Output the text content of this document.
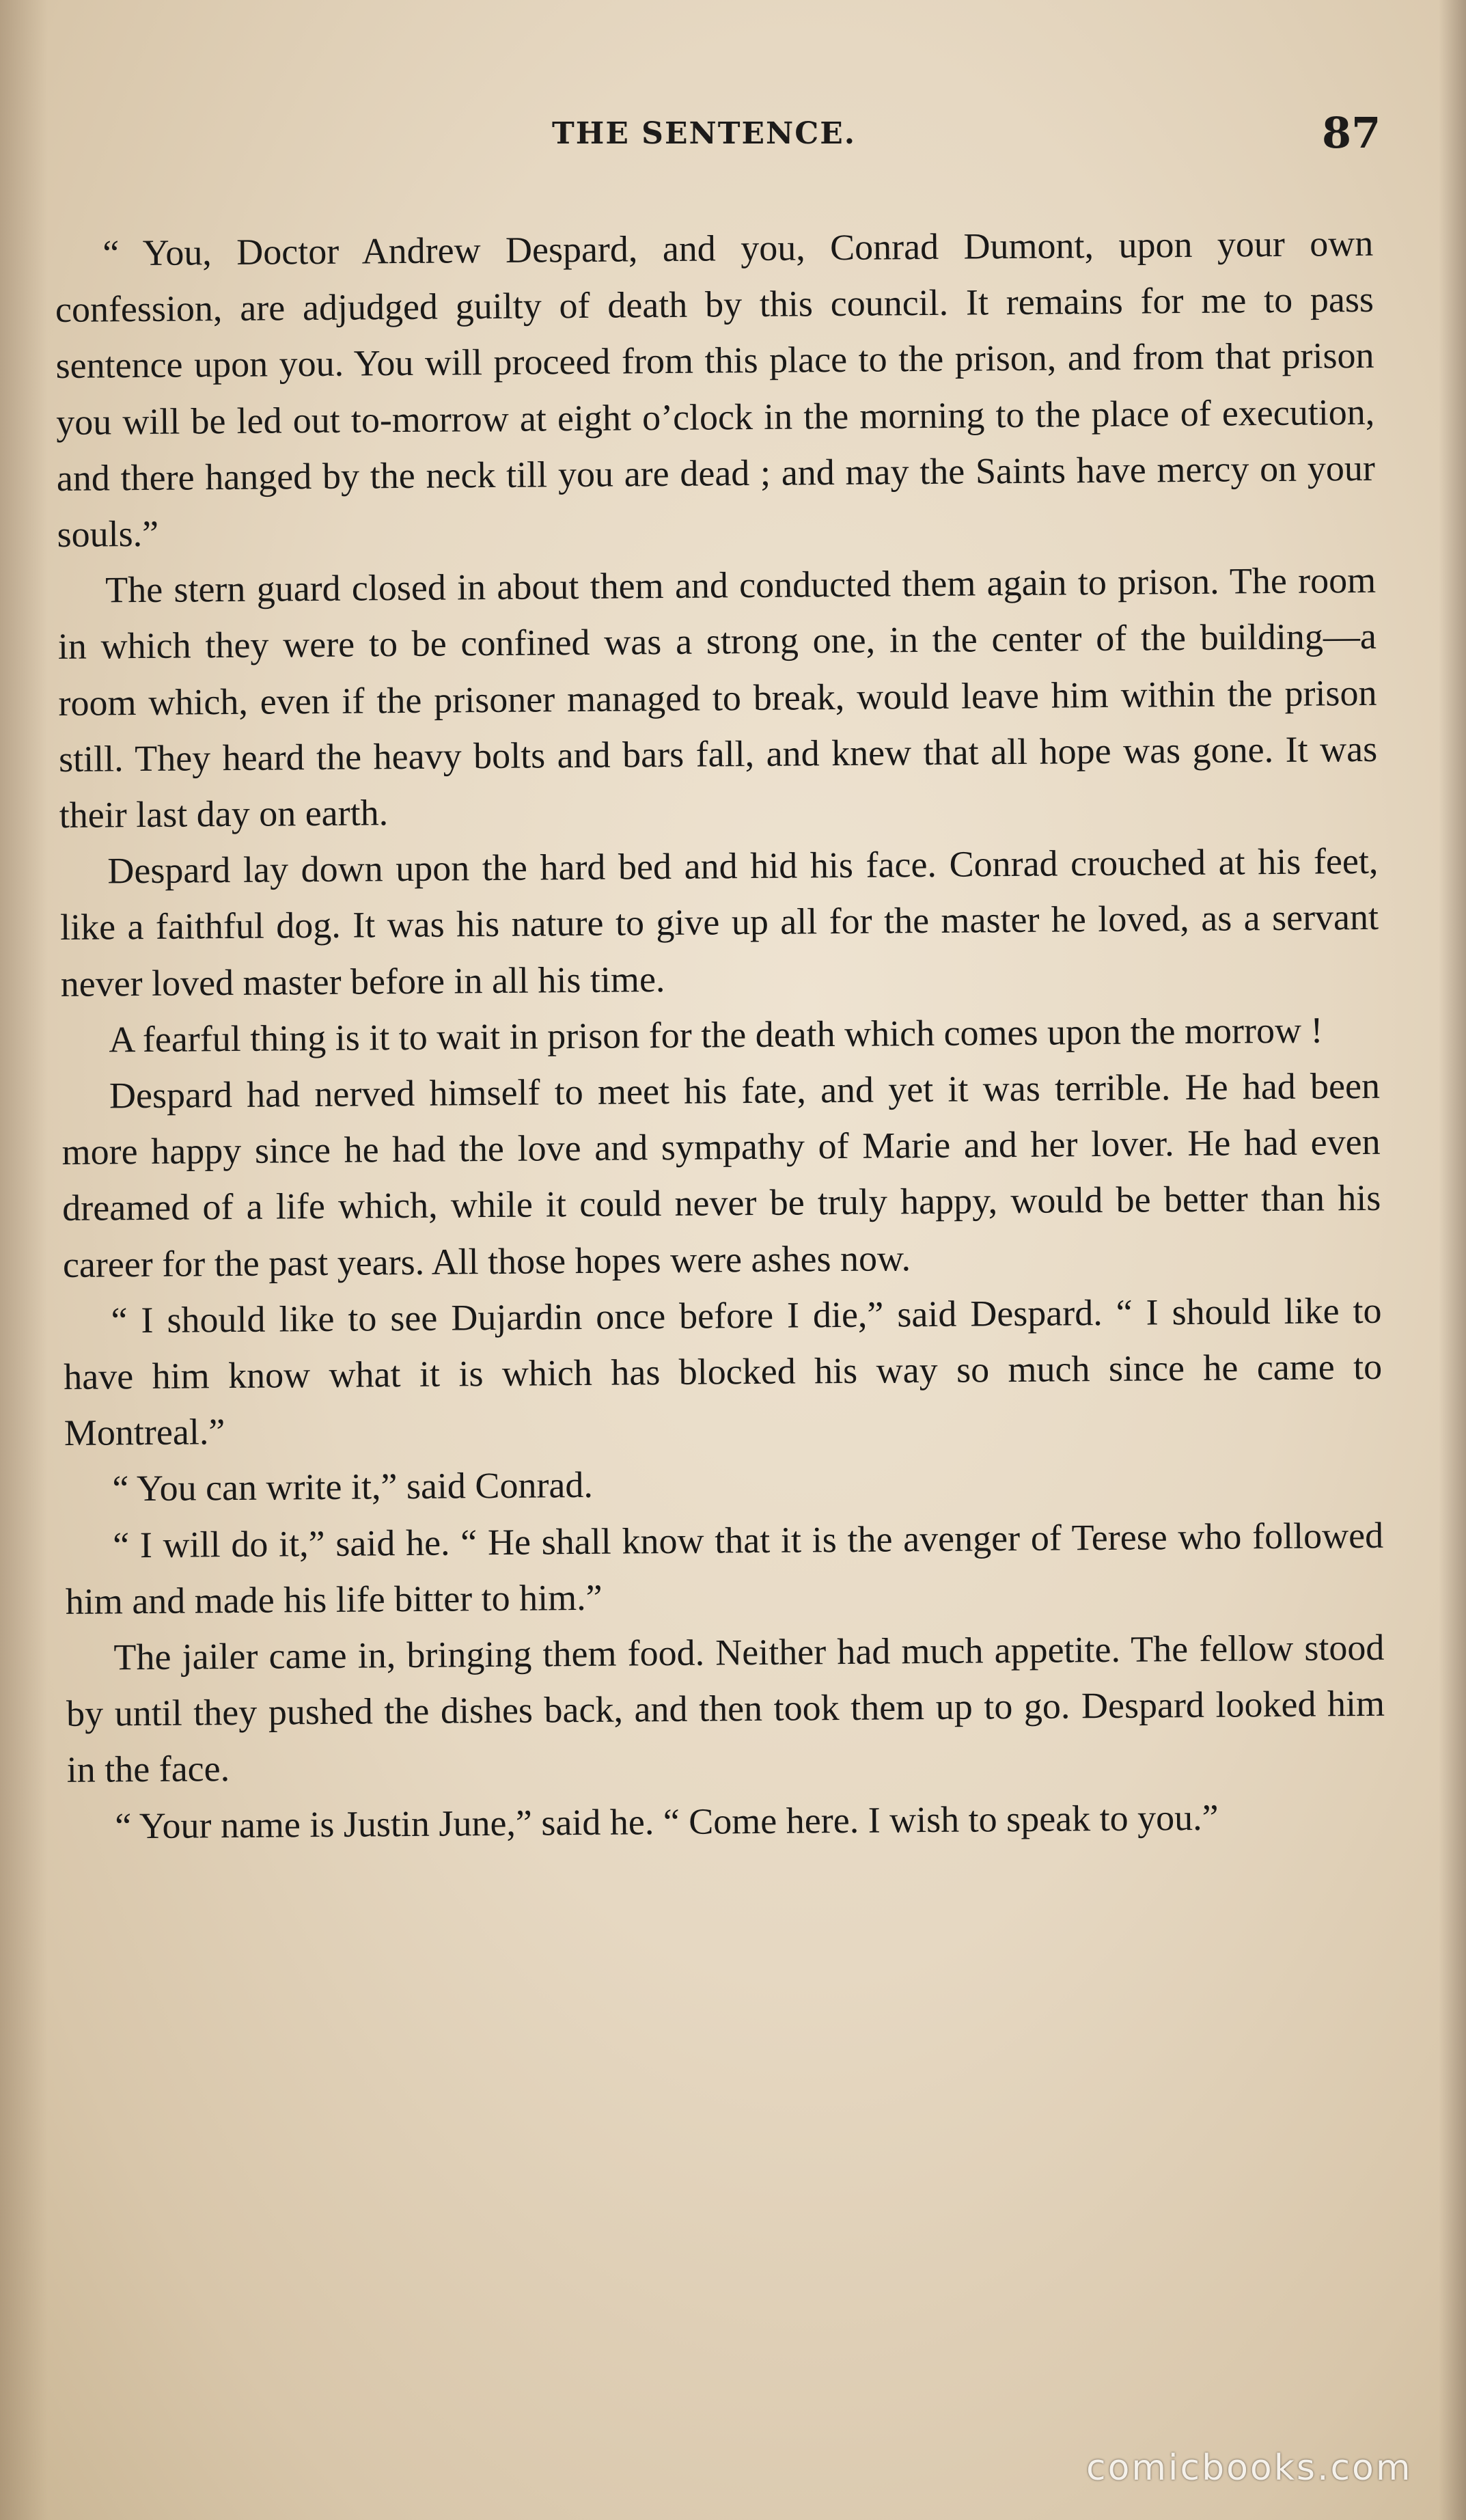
THE SENTENCE.	87

“ You, Doctor Andrew Despard, and you, Conrad Dumont, upon your own confession, are adjudged guilty of death by this council. It remains for me to pass sentence upon you. You will proceed from this place to the prison, and from that prison you will be led out to-morrow at eight o’clock in the morning to the place of execution, and there hanged by the neck till you are dead ; and may the Saints have mercy on your souls.”

The stern guard closed in about them and conducted them again to prison. The room in which they were to be confined was a strong one, in the center of the building—a room which, even if the prisoner managed to break, would leave him within the prison still. They heard the heavy bolts and bars fall, and knew that all hope was gone. It was their last day on earth.

Despard lay down upon the hard bed and hid his face. Conrad crouched at his feet, like a faithful dog. It was his nature to give up all for the master he loved, as a servant never loved master before in all his time.

A fearful thing is it to wait in prison for the death which comes upon the morrow !

Despard had nerved himself to meet his fate, and yet it was terrible. He had been more happy since he had the love and sympathy of Marie and her lover. He had even dreamed of a life which, while it could never be truly happy, would be better than his career for the past years. All those hopes were ashes now.

“ I should like to see Dujardin once before I die,” said Despard. “ I should like to have him know what it is which has blocked his way so much since he came to Montreal.”

“ You can write it,” said Conrad.

“ I will do it,” said he. “ He shall know that it is the avenger of Terese who followed him and made his life bitter to him.”

The jailer came in, bringing them food. Neither had much appetite. The fellow stood by until they pushed the dishes back, and then took them up to go. Despard looked him in the face.

“ Your name is Justin June,” said he. “ Come here. I wish to speak to you.”

comicbooks.com
